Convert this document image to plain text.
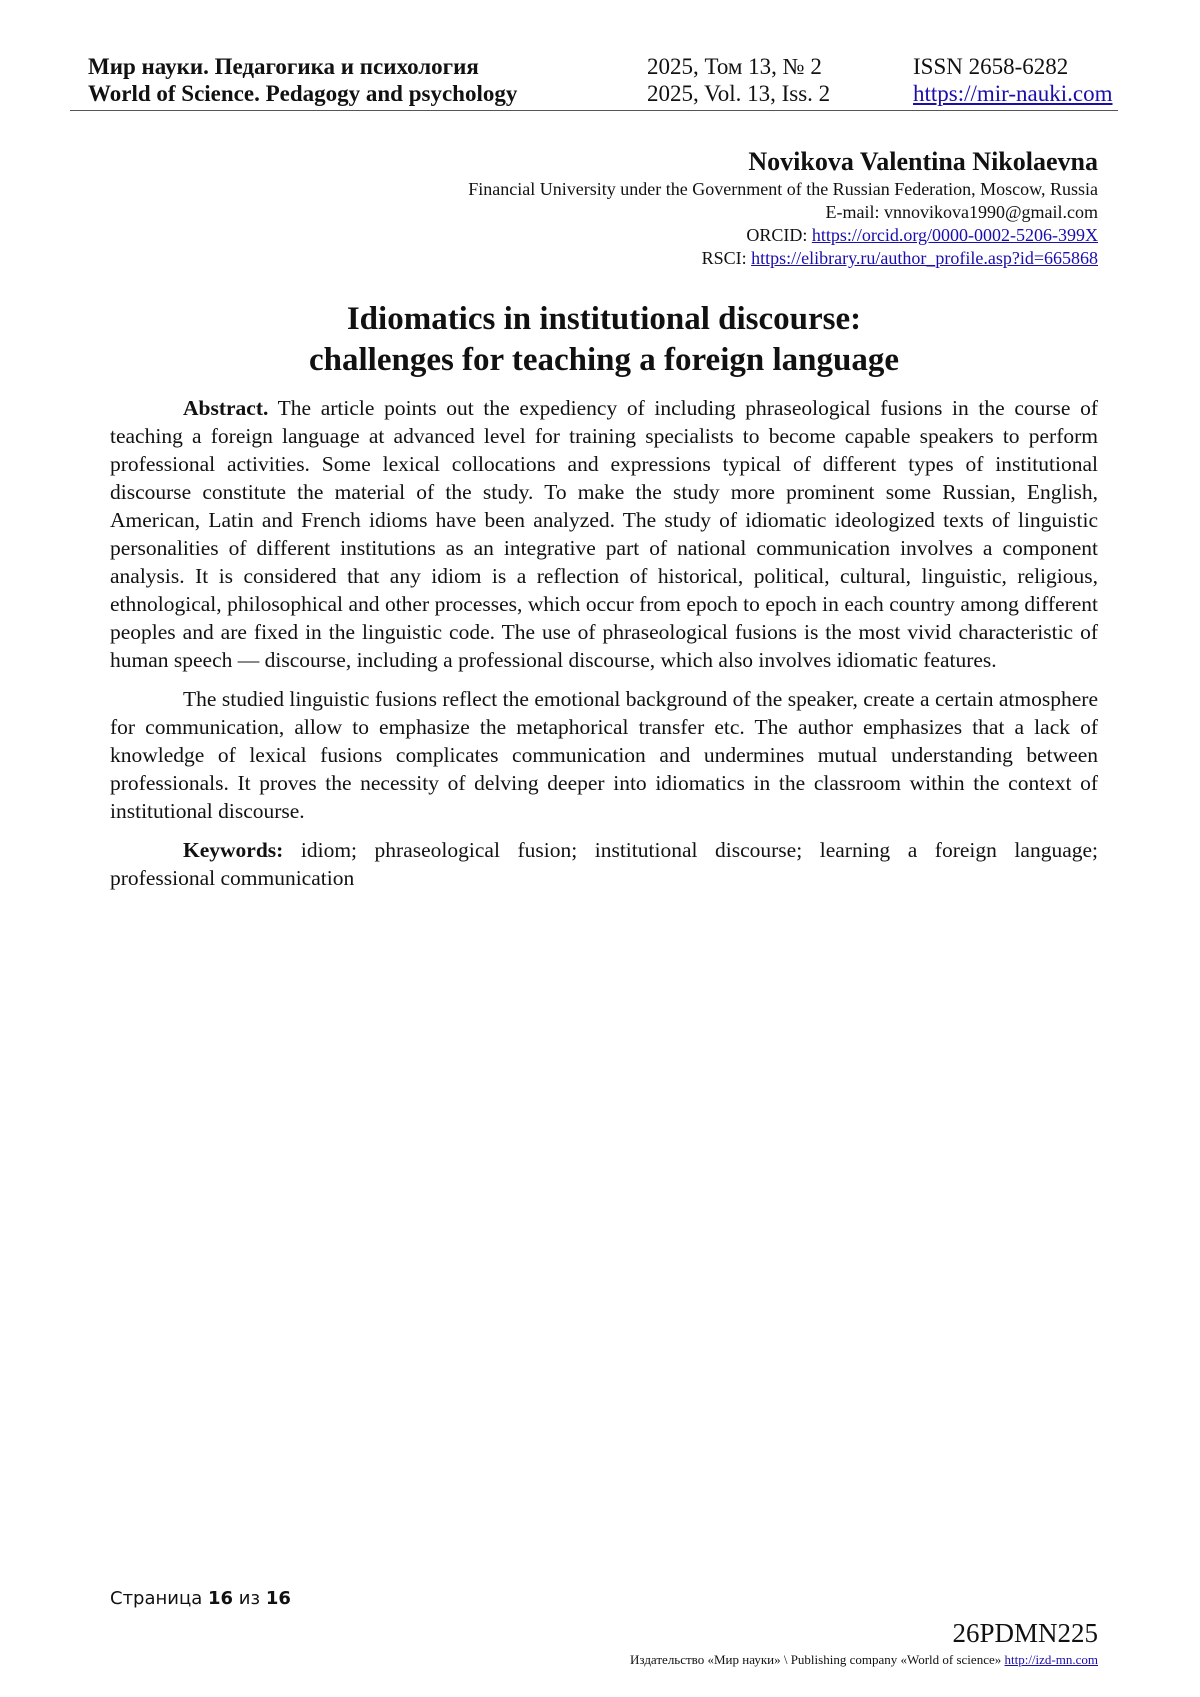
Мир науки. Педагогика и психология	2025, Том 13, № 2	ISSN 2658-6282
World of Science. Pedagogy and psychology	2025, Vol. 13, Iss. 2	https://mir-nauki.com
Novikova Valentina Nikolaevna
Financial University under the Government of the Russian Federation, Moscow, Russia
E-mail: vnnovikova1990@gmail.com
ORCID: https://orcid.org/0000-0002-5206-399X
RSCI: https://elibrary.ru/author_profile.asp?id=665868
Idiomatics in institutional discourse:
challenges for teaching a foreign language

Abstract. The article points out the expediency of including phraseological fusions in the course of teaching a foreign language at advanced level for training specialists to become capable speakers to perform professional activities. Some lexical collocations and expressions typical of different types of institutional discourse constitute the material of the study. To make the study more prominent some Russian, English, American, Latin and French idioms have been analyzed. The study of idiomatic ideologized texts of linguistic personalities of different institutions as an integrative part of national communication involves a component analysis. It is considered that any idiom is a reflection of historical, political, cultural, linguistic, religious, ethnological, philosophical and other processes, which occur from epoch to epoch in each country among different peoples and are fixed in the linguistic code. The use of phraseological fusions is the most vivid characteristic of human speech — discourse, including a professional discourse, which also involves idiomatic features.

The studied linguistic fusions reflect the emotional background of the speaker, create a certain atmosphere for communication, allow to emphasize the metaphorical transfer etc. The author emphasizes that a lack of knowledge of lexical fusions complicates communication and undermines mutual understanding between professionals. It proves the necessity of delving deeper into idiomatics in the classroom within the context of institutional discourse.

Keywords: idiom; phraseological fusion; institutional discourse; learning a foreign language; professional communication

Страница 16 из 16
26PDMN225
Издательство «Мир науки» \ Publishing company «World of science» http://izd-mn.com
